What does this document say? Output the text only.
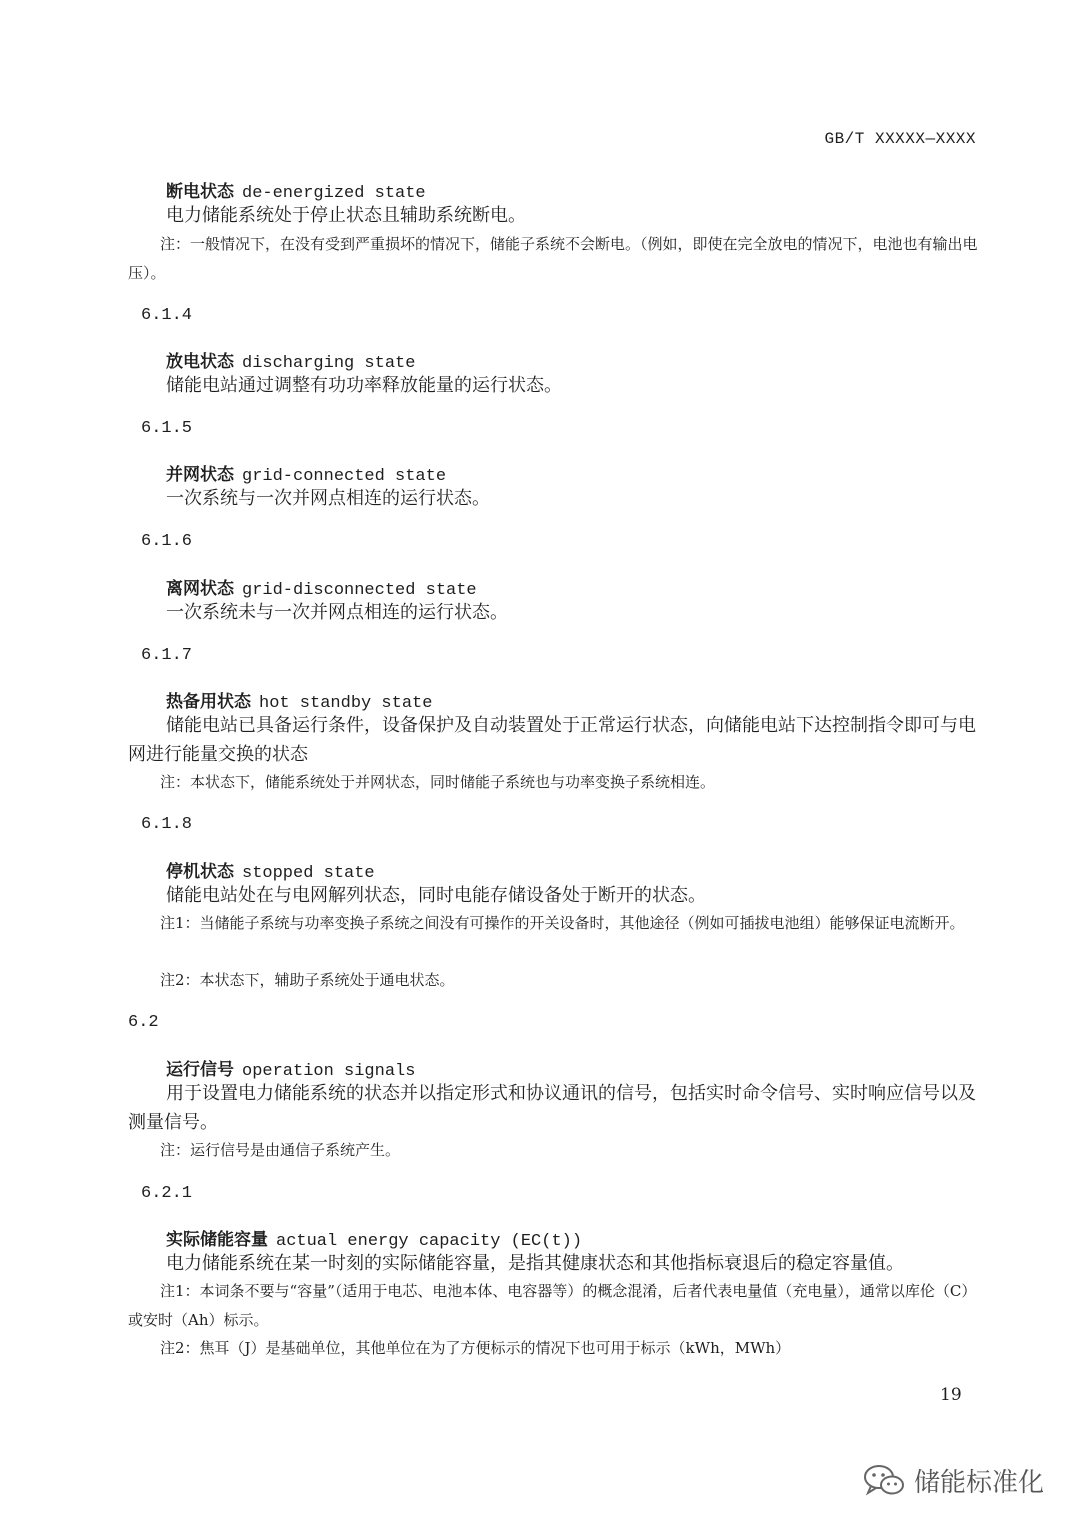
GB/T XXXXX—XXXX
断电状态 de-energized state
电力储能系统处于停止状态且辅助系统断电。
注：一般情况下，在没有受到严重损坏的情况下，储能子系统不会断电。（例如，即使在完全放电的情况下，电池也有输出电压）。
6.1.4
放电状态 discharging state
储能电站通过调整有功功率释放能量的运行状态。
6.1.5
并网状态 grid-connected state
一次系统与一次并网点相连的运行状态。
6.1.6
离网状态 grid-disconnected state
一次系统未与一次并网点相连的运行状态。
6.1.7
热备用状态 hot standby state
储能电站已具备运行条件，设备保护及自动装置处于正常运行状态，向储能电站下达控制指令即可与电网进行能量交换的状态
注：本状态下，储能系统处于并网状态，同时储能子系统也与功率变换子系统相连。
6.1.8
停机状态 stopped state
储能电站处在与电网解列状态，同时电能存储设备处于断开的状态。
注1：当储能子系统与功率变换子系统之间没有可操作的开关设备时，其他途径（例如可插拔电池组）能够保证电流断开。
注2：本状态下，辅助子系统处于通电状态。
6.2
运行信号 operation signals
用于设置电力储能系统的状态并以指定形式和协议通讯的信号，包括实时命令信号、实时响应信号以及测量信号。
注：运行信号是由通信子系统产生。
6.2.1
实际储能容量 actual energy capacity (EC(t))
电力储能系统在某一时刻的实际储能容量，是指其健康状态和其他指标衰退后的稳定容量值。
注1：本词条不要与“容量”（适用于电芯、电池本体、电容器等）的概念混淆，后者代表电量值（充电量），通常以库伦（C）或安时（Ah）标示。
注2：焦耳（J）是基础单位，其他单位在为了方便标示的情况下也可用于标示（kWh，MWh）
19
储能标准化
